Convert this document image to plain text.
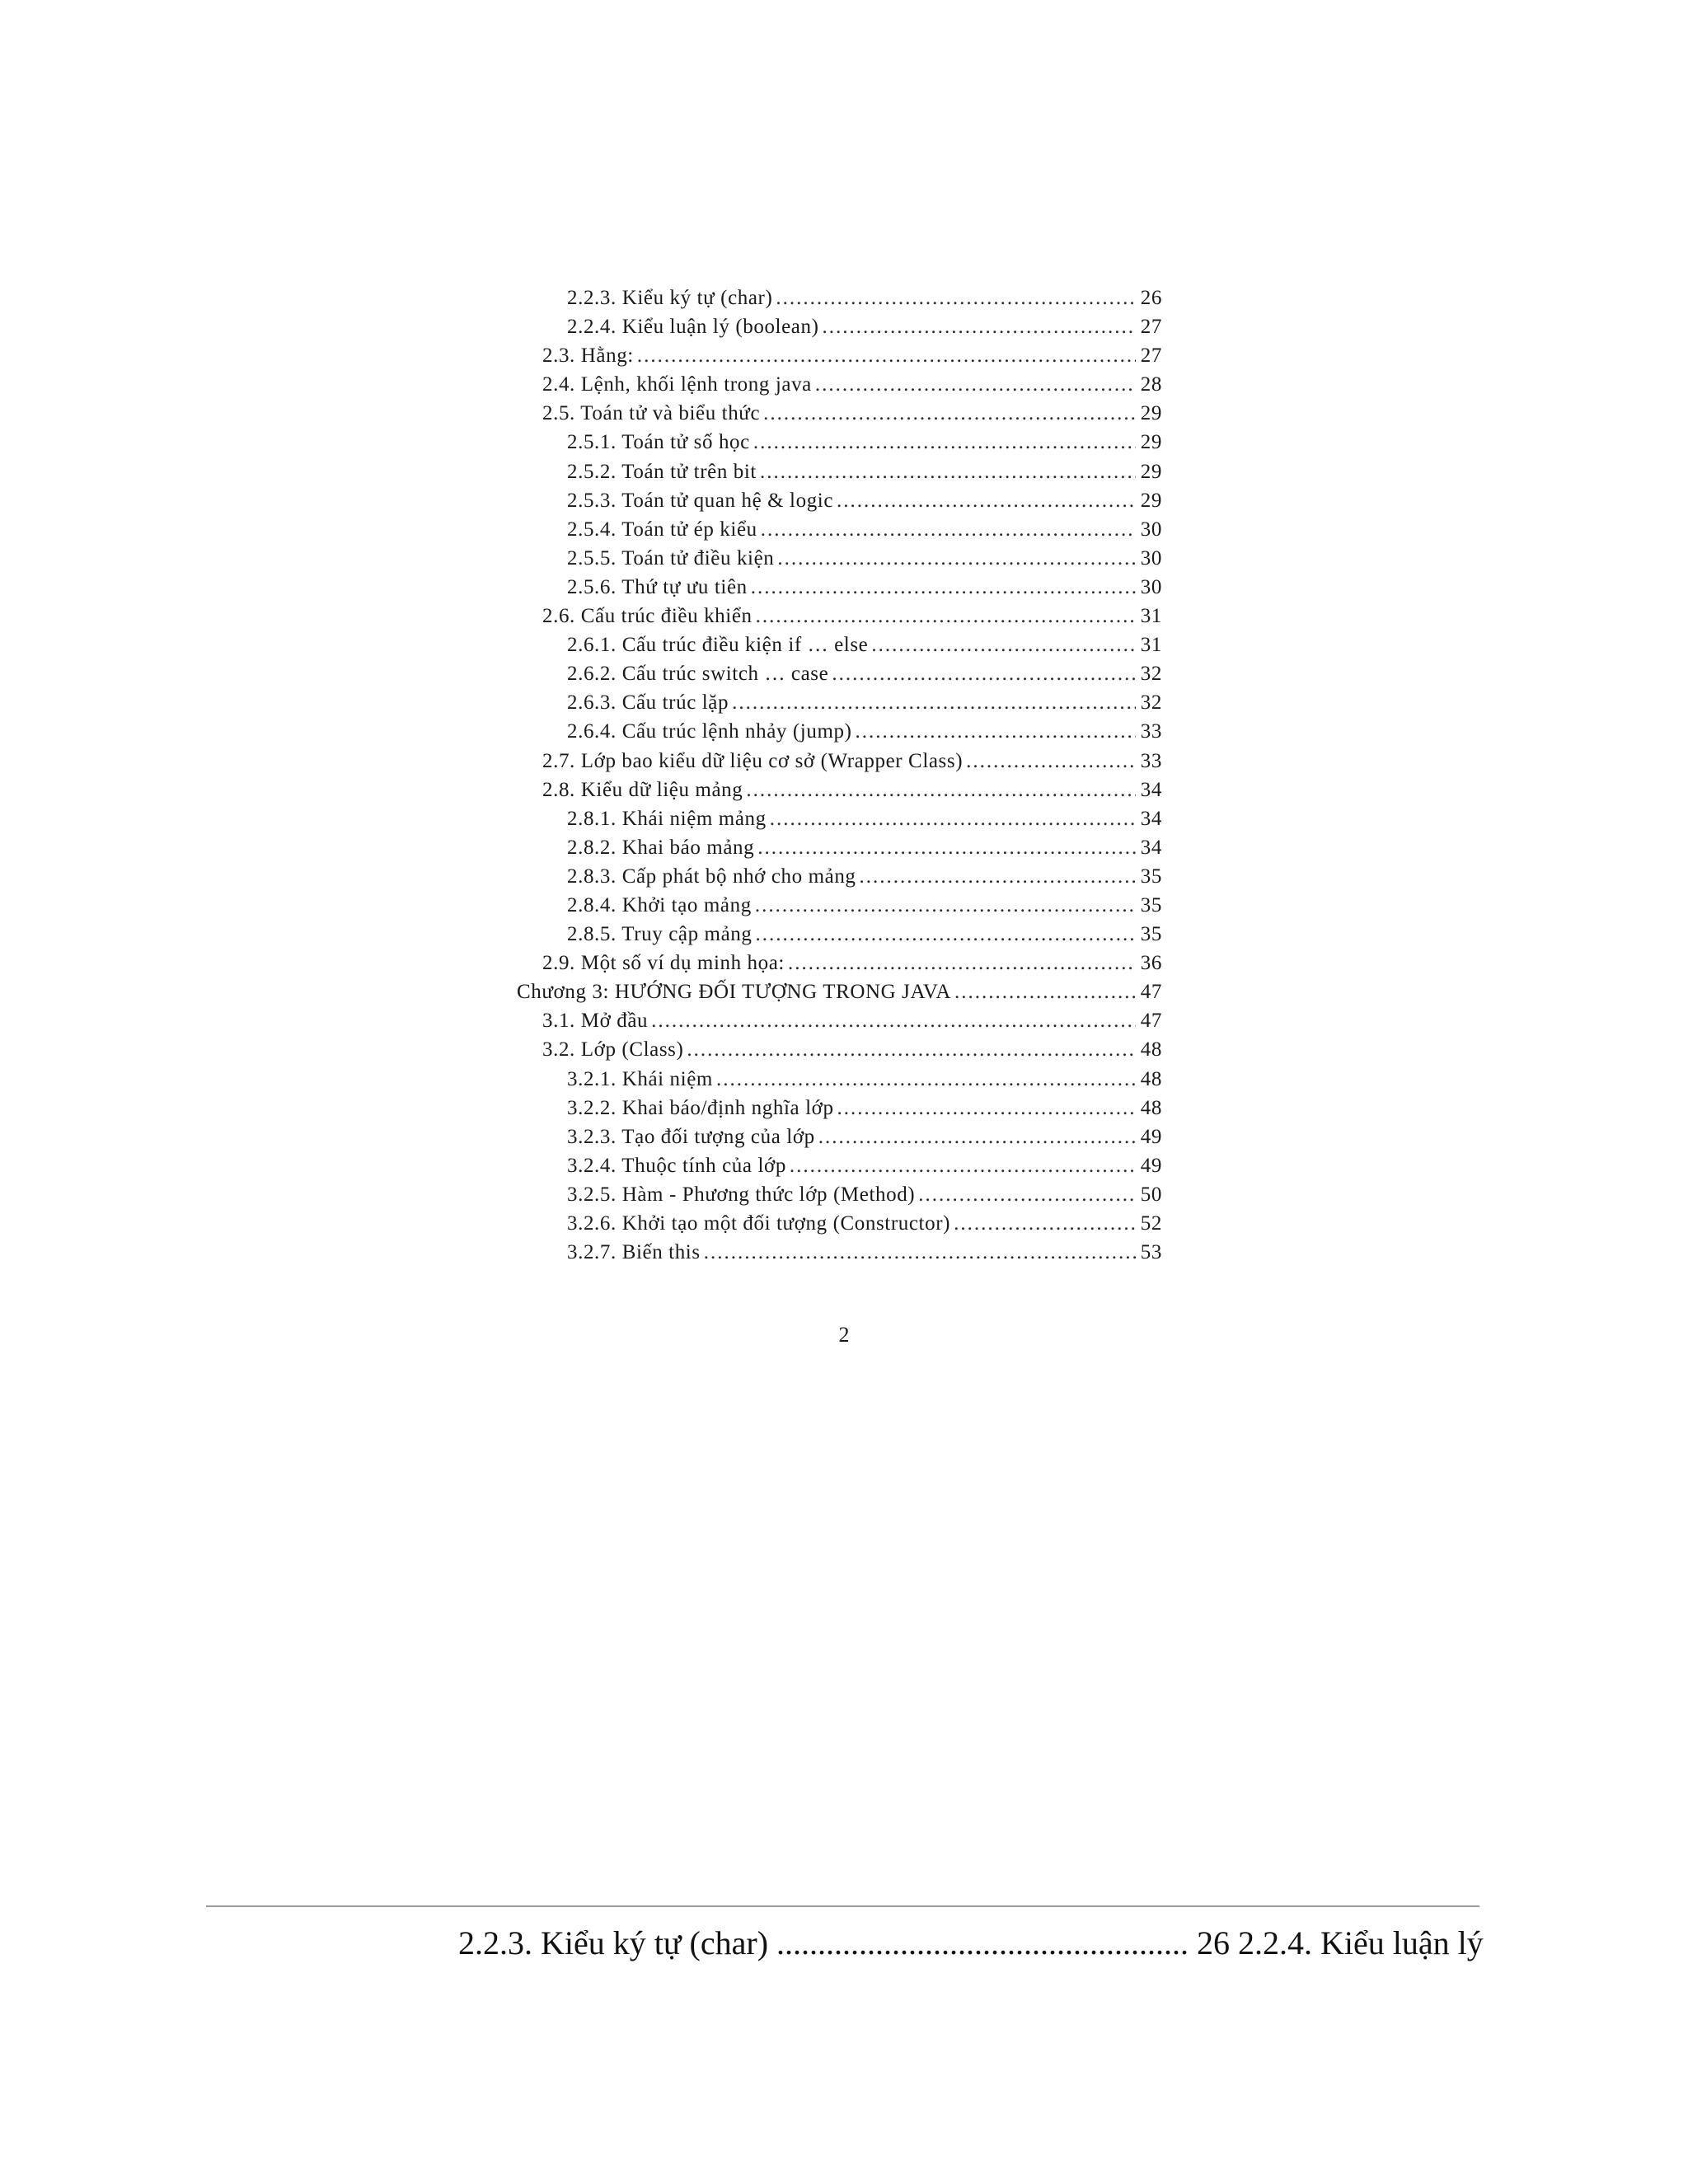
2.2.3. Kiểu ký tự (char) .....	26
2.2.4. Kiểu luận lý (boolean) .....	27
2.3. Hằng: .....	27
2.4. Lệnh, khối lệnh trong java .....	28
2.5. Toán tử và biểu thức .....	29
2.5.1. Toán tử số học .....	29
2.5.2. Toán tử trên bit .....	29
2.5.3. Toán tử quan hệ & logic .....	29
2.5.4. Toán tử ép kiểu .....	30
2.5.5. Toán tử điều kiện .....	30
2.5.6. Thứ tự ưu tiên .....	30
2.6. Cấu trúc điều khiển .....	31
2.6.1. Cấu trúc điều kiện if … else .....	31
2.6.2. Cấu trúc switch … case .....	32
2.6.3. Cấu trúc lặp .....	32
2.6.4. Cấu trúc lệnh nhảy (jump) .....	33
2.7. Lớp bao kiểu dữ liệu cơ sở (Wrapper Class) .....	33
2.8. Kiểu dữ liệu mảng .....	34
2.8.1. Khái niệm mảng .....	34
2.8.2. Khai báo mảng .....	34
2.8.3. Cấp phát bộ nhớ cho mảng .....	35
2.8.4. Khởi tạo mảng .....	35
2.8.5. Truy cập mảng .....	35
2.9. Một số ví dụ minh họa: .....	36
Chương 3: HƯỚNG ĐỐI TƯỢNG TRONG JAVA .....	47
3.1. Mở đầu .....	47
3.2. Lớp (Class) .....	48
3.2.1. Khái niệm .....	48
3.2.2. Khai báo/định nghĩa lớp .....	48
3.2.3. Tạo đối tượng của lớp .....	49
3.2.4. Thuộc tính của lớp .....	49
3.2.5. Hàm - Phương thức lớp (Method) .....	50
3.2.6. Khởi tạo một đối tượng (Constructor) .....	52
3.2.7. Biến this .....	53
2
2.2.3. Kiểu ký tự (char) .................................................. 26 2.2.4. Kiểu luận lý
